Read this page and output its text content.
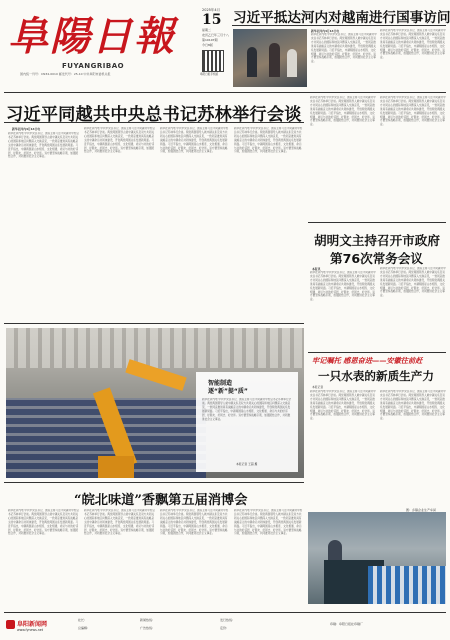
阜陽日報
FUYANGRIBAO
国内统一刊号：CN34-0010 邮发代号：25-10 中共阜阳市委机关报
2025年4月
15
星期二
农历乙巳年三月十八
第10107期
今日8版
阜阳日报手机版
习近平抵达河内对越南进行国事访问
新华社河内4月14日电
新华社河内电 中共中央总书记、国家主席习近平同越共中央总书记苏林举行会谈。两党两国领导人就中越关系及双方共同关心的国际和地区问题深入交换意见，一致同意推进具有战略意义的中越命运共同体建设，开创两党两国关系发展新局面。习近平指出，中越两国是山水相连、文化相通、命运与共的好邻居、好朋友、好同志、好伙伴。双方要坚持战略引领，加强团结合作，共同推进社会主义事业。
新华社河内电 中共中央总书记、国家主席习近平同越共中央总书记苏林举行会谈。两党两国领导人就中越关系及双方共同关心的国际和地区问题深入交换意见，一致同意推进具有战略意义的中越命运共同体建设，开创两党两国关系发展新局面。习近平指出，中越两国是山水相连、文化相通、命运与共的好邻居、好朋友、好同志、好伙伴。双方要坚持战略引领，加强团结合作，共同推进社会主义事业。
习近平同越共中央总书记苏林举行会谈
新华社河内4月14日电
新华社河内电 中共中央总书记、国家主席习近平同越共中央总书记苏林举行会谈。两党两国领导人就中越关系及双方共同关心的国际和地区问题深入交换意见，一致同意推进具有战略意义的中越命运共同体建设，开创两党两国关系发展新局面。习近平指出，中越两国是山水相连、文化相通、命运与共的好邻居、好朋友、好同志、好伙伴。双方要坚持战略引领，加强团结合作，共同推进社会主义事业。
新华社河内电 中共中央总书记、国家主席习近平同越共中央总书记苏林举行会谈。两党两国领导人就中越关系及双方共同关心的国际和地区问题深入交换意见，一致同意推进具有战略意义的中越命运共同体建设，开创两党两国关系发展新局面。习近平指出，中越两国是山水相连、文化相通、命运与共的好邻居、好朋友、好同志、好伙伴。双方要坚持战略引领，加强团结合作，共同推进社会主义事业。
新华社河内电 中共中央总书记、国家主席习近平同越共中央总书记苏林举行会谈。两党两国领导人就中越关系及双方共同关心的国际和地区问题深入交换意见，一致同意推进具有战略意义的中越命运共同体建设，开创两党两国关系发展新局面。习近平指出，中越两国是山水相连、文化相通、命运与共的好邻居、好朋友、好同志、好伙伴。双方要坚持战略引领，加强团结合作，共同推进社会主义事业。
新华社河内电 中共中央总书记、国家主席习近平同越共中央总书记苏林举行会谈。两党两国领导人就中越关系及双方共同关心的国际和地区问题深入交换意见，一致同意推进具有战略意义的中越命运共同体建设，开创两党两国关系发展新局面。习近平指出，中越两国是山水相连、文化相通、命运与共的好邻居、好朋友、好同志、好伙伴。双方要坚持战略引领，加强团结合作，共同推进社会主义事业。
新华社河内电 中共中央总书记、国家主席习近平同越共中央总书记苏林举行会谈。两党两国领导人就中越关系及双方共同关心的国际和地区问题深入交换意见，一致同意推进具有战略意义的中越命运共同体建设，开创两党两国关系发展新局面。习近平指出，中越两国是山水相连、文化相通、命运与共的好邻居、好朋友、好同志、好伙伴。双方要坚持战略引领，加强团结合作，共同推进社会主义事业。
新华社河内电 中共中央总书记、国家主席习近平同越共中央总书记苏林举行会谈。两党两国领导人就中越关系及双方共同关心的国际和地区问题深入交换意见，一致同意推进具有战略意义的中越命运共同体建设，开创两党两国关系发展新局面。习近平指出，中越两国是山水相连、文化相通、命运与共的好邻居、好朋友、好同志、好伙伴。双方要坚持战略引领，加强团结合作，共同推进社会主义事业。
胡明文主持召开市政府
第76次常务会议
本报讯
新华社河内电 中共中央总书记、国家主席习近平同越共中央总书记苏林举行会谈。两党两国领导人就中越关系及双方共同关心的国际和地区问题深入交换意见，一致同意推进具有战略意义的中越命运共同体建设，开创两党两国关系发展新局面。习近平指出，中越两国是山水相连、文化相通、命运与共的好邻居、好朋友、好同志、好伙伴。双方要坚持战略引领，加强团结合作，共同推进社会主义事业。
新华社河内电 中共中央总书记、国家主席习近平同越共中央总书记苏林举行会谈。两党两国领导人就中越关系及双方共同关心的国际和地区问题深入交换意见，一致同意推进具有战略意义的中越命运共同体建设，开创两党两国关系发展新局面。习近平指出，中越两国是山水相连、文化相通、命运与共的好邻居、好朋友、好同志、好伙伴。双方要坚持战略引领，加强团结合作，共同推进社会主义事业。
牢记嘱托 感恩奋进——安徽往前赶
一只水表的新质生产力
本报记者
新华社河内电 中共中央总书记、国家主席习近平同越共中央总书记苏林举行会谈。两党两国领导人就中越关系及双方共同关心的国际和地区问题深入交换意见，一致同意推进具有战略意义的中越命运共同体建设，开创两党两国关系发展新局面。习近平指出，中越两国是山水相连、文化相通、命运与共的好邻居、好朋友、好同志、好伙伴。双方要坚持战略引领，加强团结合作，共同推进社会主义事业。
新华社河内电 中共中央总书记、国家主席习近平同越共中央总书记苏林举行会谈。两党两国领导人就中越关系及双方共同关心的国际和地区问题深入交换意见，一致同意推进具有战略意义的中越命运共同体建设，开创两党两国关系发展新局面。习近平指出，中越两国是山水相连、文化相通、命运与共的好邻居、好朋友、好同志、好伙伴。双方要坚持战略引领，加强团结合作，共同推进社会主义事业。
图：乡镇企业生产车间
智能制造
逐“新”提“质”
新华社河内电 中共中央总书记、国家主席习近平同越共中央总书记苏林举行会谈。两党两国领导人就中越关系及双方共同关心的国际和地区问题深入交换意见，一致同意推进具有战略意义的中越命运共同体建设，开创两党两国关系发展新局面。习近平指出，中越两国是山水相连、文化相通、命运与共的好邻居、好朋友、好同志、好伙伴。双方要坚持战略引领，加强团结合作，共同推进社会主义事业。
本报记者 王超 摄
“皖北味道”香飘第五届消博会
新华社河内电 中共中央总书记、国家主席习近平同越共中央总书记苏林举行会谈。两党两国领导人就中越关系及双方共同关心的国际和地区问题深入交换意见，一致同意推进具有战略意义的中越命运共同体建设，开创两党两国关系发展新局面。习近平指出，中越两国是山水相连、文化相通、命运与共的好邻居、好朋友、好同志、好伙伴。双方要坚持战略引领，加强团结合作，共同推进社会主义事业。
新华社河内电 中共中央总书记、国家主席习近平同越共中央总书记苏林举行会谈。两党两国领导人就中越关系及双方共同关心的国际和地区问题深入交换意见，一致同意推进具有战略意义的中越命运共同体建设，开创两党两国关系发展新局面。习近平指出，中越两国是山水相连、文化相通、命运与共的好邻居、好朋友、好同志、好伙伴。双方要坚持战略引领，加强团结合作，共同推进社会主义事业。
新华社河内电 中共中央总书记、国家主席习近平同越共中央总书记苏林举行会谈。两党两国领导人就中越关系及双方共同关心的国际和地区问题深入交换意见，一致同意推进具有战略意义的中越命运共同体建设，开创两党两国关系发展新局面。习近平指出，中越两国是山水相连、文化相通、命运与共的好邻居、好朋友、好同志、好伙伴。双方要坚持战略引领，加强团结合作，共同推进社会主义事业。
新华社河内电 中共中央总书记、国家主席习近平同越共中央总书记苏林举行会谈。两党两国领导人就中越关系及双方共同关心的国际和地区问题深入交换意见，一致同意推进具有战略意义的中越命运共同体建设，开创两党两国关系发展新局面。习近平指出，中越两国是山水相连、文化相通、命运与共的好邻居、好朋友、好同志、好伙伴。双方要坚持战略引领，加强团结合作，共同推进社会主义事业。
阜阳新闻网
www.fynews.net
社长：
总编辑：
新闻热线：
广告热线：
发行热线：
定价：
印刷：阜阳日报社印刷厂
